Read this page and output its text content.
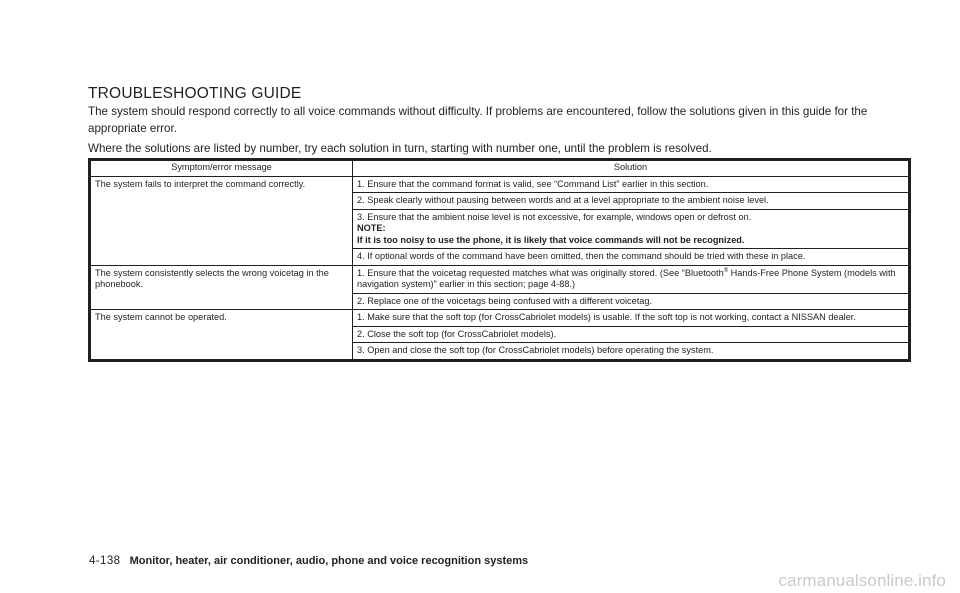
TROUBLESHOOTING GUIDE
The system should respond correctly to all voice commands without difficulty. If problems are encountered, follow the solutions given in this guide for the appropriate error.
Where the solutions are listed by number, try each solution in turn, starting with number one, until the problem is resolved.
Symptom/error message	Solution
The system fails to interpret the command correctly.	1. Ensure that the command format is valid, see “Command List” earlier in this section.
	2. Speak clearly without pausing between words and at a level appropriate to the ambient noise level.

	3. Ensure that the ambient noise level is not excessive, for example, windows open or defrost on.
NOTE:
If it is too noisy to use the phone, it is likely that voice commands will not be recognized.

	4. If optional words of the command have been omitted, then the command should be tried with these in place.
The system consistently selects the wrong voicetag in the phonebook.	1. Ensure that the voicetag requested matches what was originally stored. (See “Bluetooth® Hands-Free Phone System (models with navigation system)” earlier in this section; page 4-88.)
	2. Replace one of the voicetags being confused with a different voicetag.
The system cannot be operated.	1. Make sure that the soft top (for CrossCabriolet models) is usable. If the soft top is not working, contact a NISSAN dealer.
	2. Close the soft top (for CrossCabriolet models).
	3. Open and close the soft top (for CrossCabriolet models) before operating the system.
4-138 Monitor, heater, air conditioner, audio, phone and voice recognition systems
carmanualsonline.info
